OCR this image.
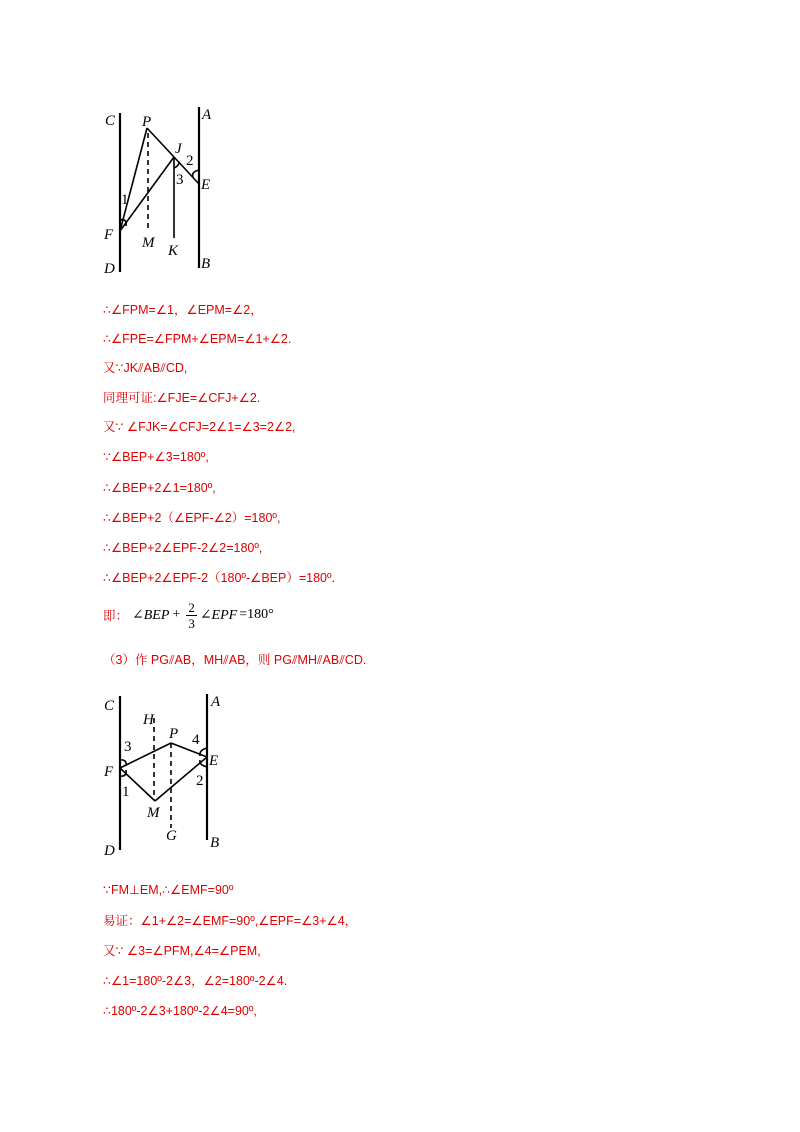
C P	A
J
2
3 E
1
F M K
D	B

∴∠FPM=∠1，∠EPM=∠2，

∴∠FPE=∠FPM+∠EPM=∠1+∠2.

又∵JK⫽AB⫽CD,

同理可证:∠FJE=∠CFJ+∠2.

又∵ ∠FJK=∠CFJ=2∠1=∠3=2∠2,

∵∠BEP+∠3=180º,

∴∠BEP+2∠1=180º,

∴∠BEP+2（∠EPF-∠2）=180º,

∴∠BEP+2∠EPF-2∠2=180º,

∴∠BEP+2∠EPF-2（180º-∠BEP）=180º.

即： ∠BEP + $\frac{2}{3}$ ∠EPF =180°

（3）作 PG⫽AB，MH⫽AB，则 PG⫽MH⫽AB⫽CD.

C
H
P 4
A
3
F
E
1
2
M
G
D	B

∵FM⊥EM,∴∠EMF=90º

易证：∠1+∠2=∠EMF=90º,∠EPF=∠3+∠4，

又∵ ∠3=∠PFM,∠4=∠PEM,

∴∠1=180º-2∠3，∠2=180º-2∠4.

∴180º-2∠3+180º-2∠4=90º,
